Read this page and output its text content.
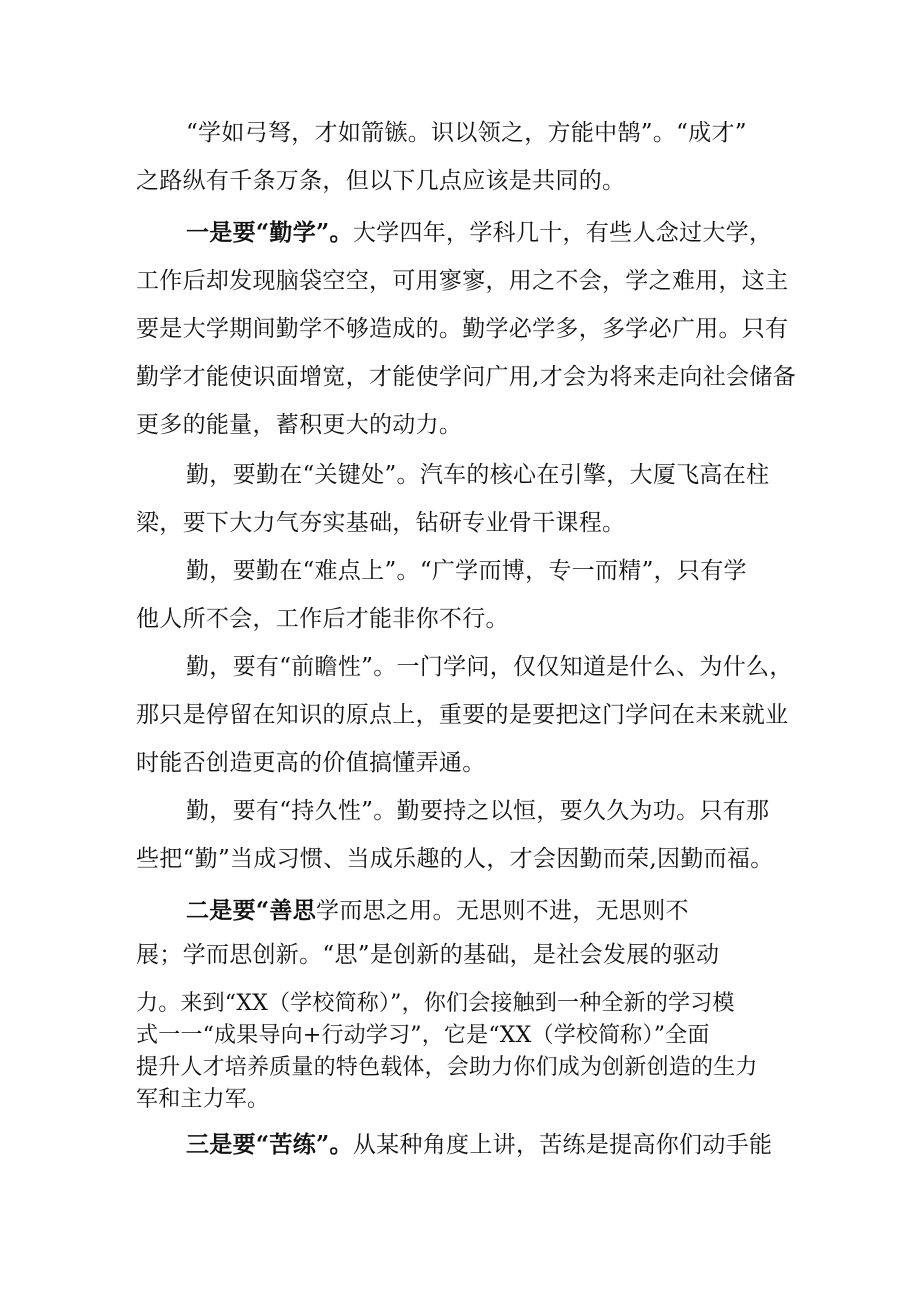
“学如弓弩，才如箭镞。识以领之，方能中鹄”。“成才”
之路纵有千条万条，但以下几点应该是共同的。
一是要“勤学”。大学四年，学科几十，有些人念过大学，
工作后却发现脑袋空空，可用寥寥，用之不会，学之难用，这主
要是大学期间勤学不够造成的。勤学必学多，多学必广用。只有
勤学才能使识面增宽，才能使学问广用,才会为将来走向社会储备
更多的能量，蓄积更大的动力。
勤，要勤在“关键处”。汽车的核心在引擎，大厦飞高在柱
梁，要下大力气夯实基础，钻研专业骨干课程。
勤，要勤在“难点上”。“广学而博，专一而精”，只有学
他人所不会，工作后才能非你不行。
勤，要有“前瞻性”。一门学问，仅仅知道是什么、为什么，
那只是停留在知识的原点上，重要的是要把这门学问在未来就业
时能否创造更高的价值搞懂弄通。
勤，要有“持久性”。勤要持之以恒，要久久为功。只有那
些把“勤”当成习惯、当成乐趣的人，才会因勤而荣,因勤而福。
二是要“善思学而思之用。无思则不进，无思则不
展；学而思创新。“思”是创新的基础，是社会发展的驱动
力。来到“XX（学校简称）”，你们会接触到一种全新的学习模
式一一“成果导向+行动学习”，它是“XX（学校简称）”全面
提升人才培养质量的特色载体，会助力你们成为创新创造的生力
军和主力军。
三是要“苦练”。从某种角度上讲，苦练是提高你们动手能
